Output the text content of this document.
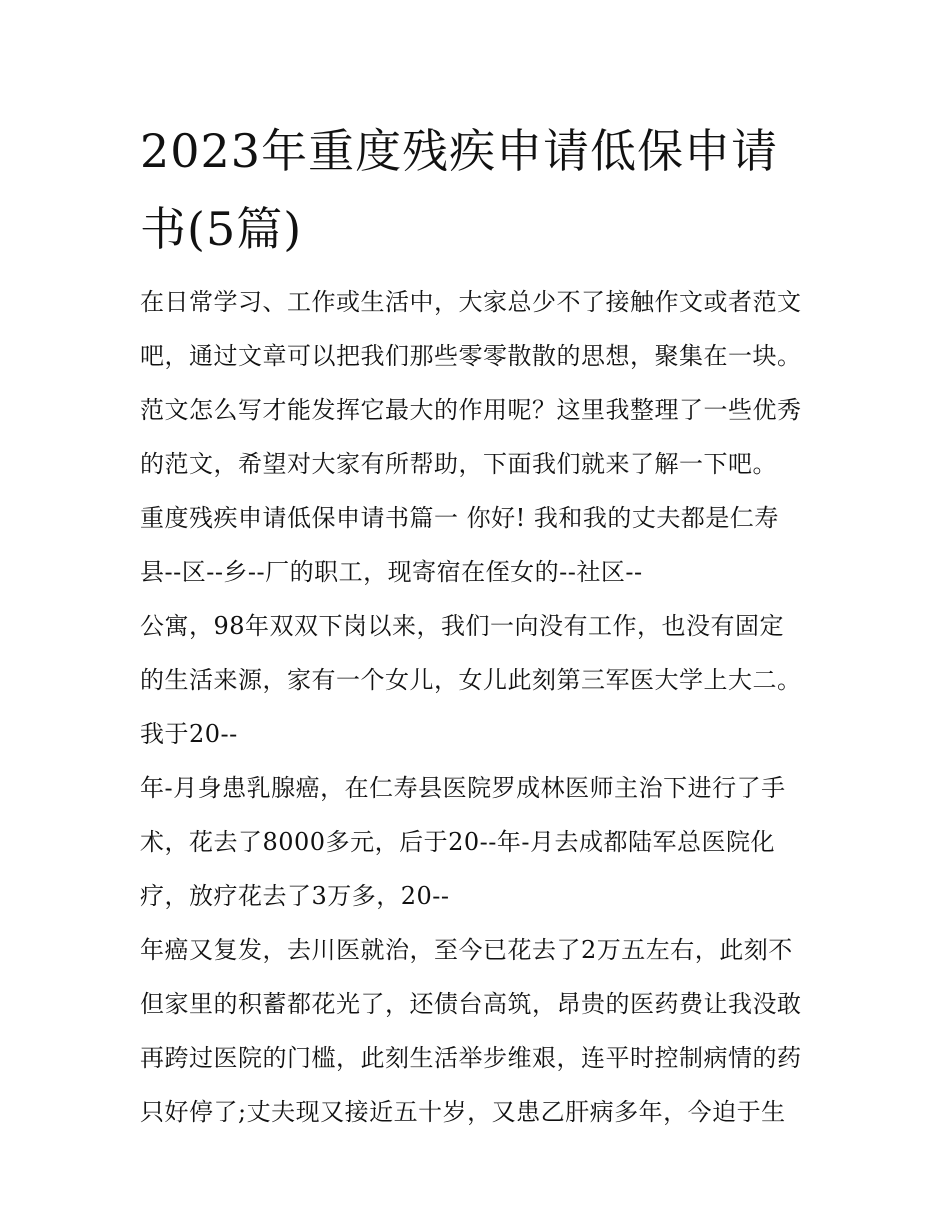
2023年重度残疾申请低保申请
书(5篇)
在日常学习、工作或生活中，大家总少不了接触作文或者范文
吧，通过文章可以把我们那些零零散散的思想，聚集在一块。
范文怎么写才能发挥它最大的作用呢？这里我整理了一些优秀
的范文，希望对大家有所帮助，下面我们就来了解一下吧。
重度残疾申请低保申请书篇一 你好! 我和我的丈夫都是仁寿
县--区--乡--厂的职工，现寄宿在侄女的--社区--
公寓，98年双双下岗以来，我们一向没有工作，也没有固定
的生活来源，家有一个女儿，女儿此刻第三军医大学上大二。
我于20--
年-月身患乳腺癌，在仁寿县医院罗成林医师主治下进行了手
术，花去了8000多元，后于20--年-月去成都陆军总医院化
疗，放疗花去了3万多，20--
年癌又复发，去川医就治，至今已花去了2万五左右，此刻不
但家里的积蓄都花光了，还债台高筑，昂贵的医药费让我没敢
再跨过医院的门槛，此刻生活举步维艰，连平时控制病情的药
只好停了;丈夫现又接近五十岁，又患乙肝病多年，今迫于生
